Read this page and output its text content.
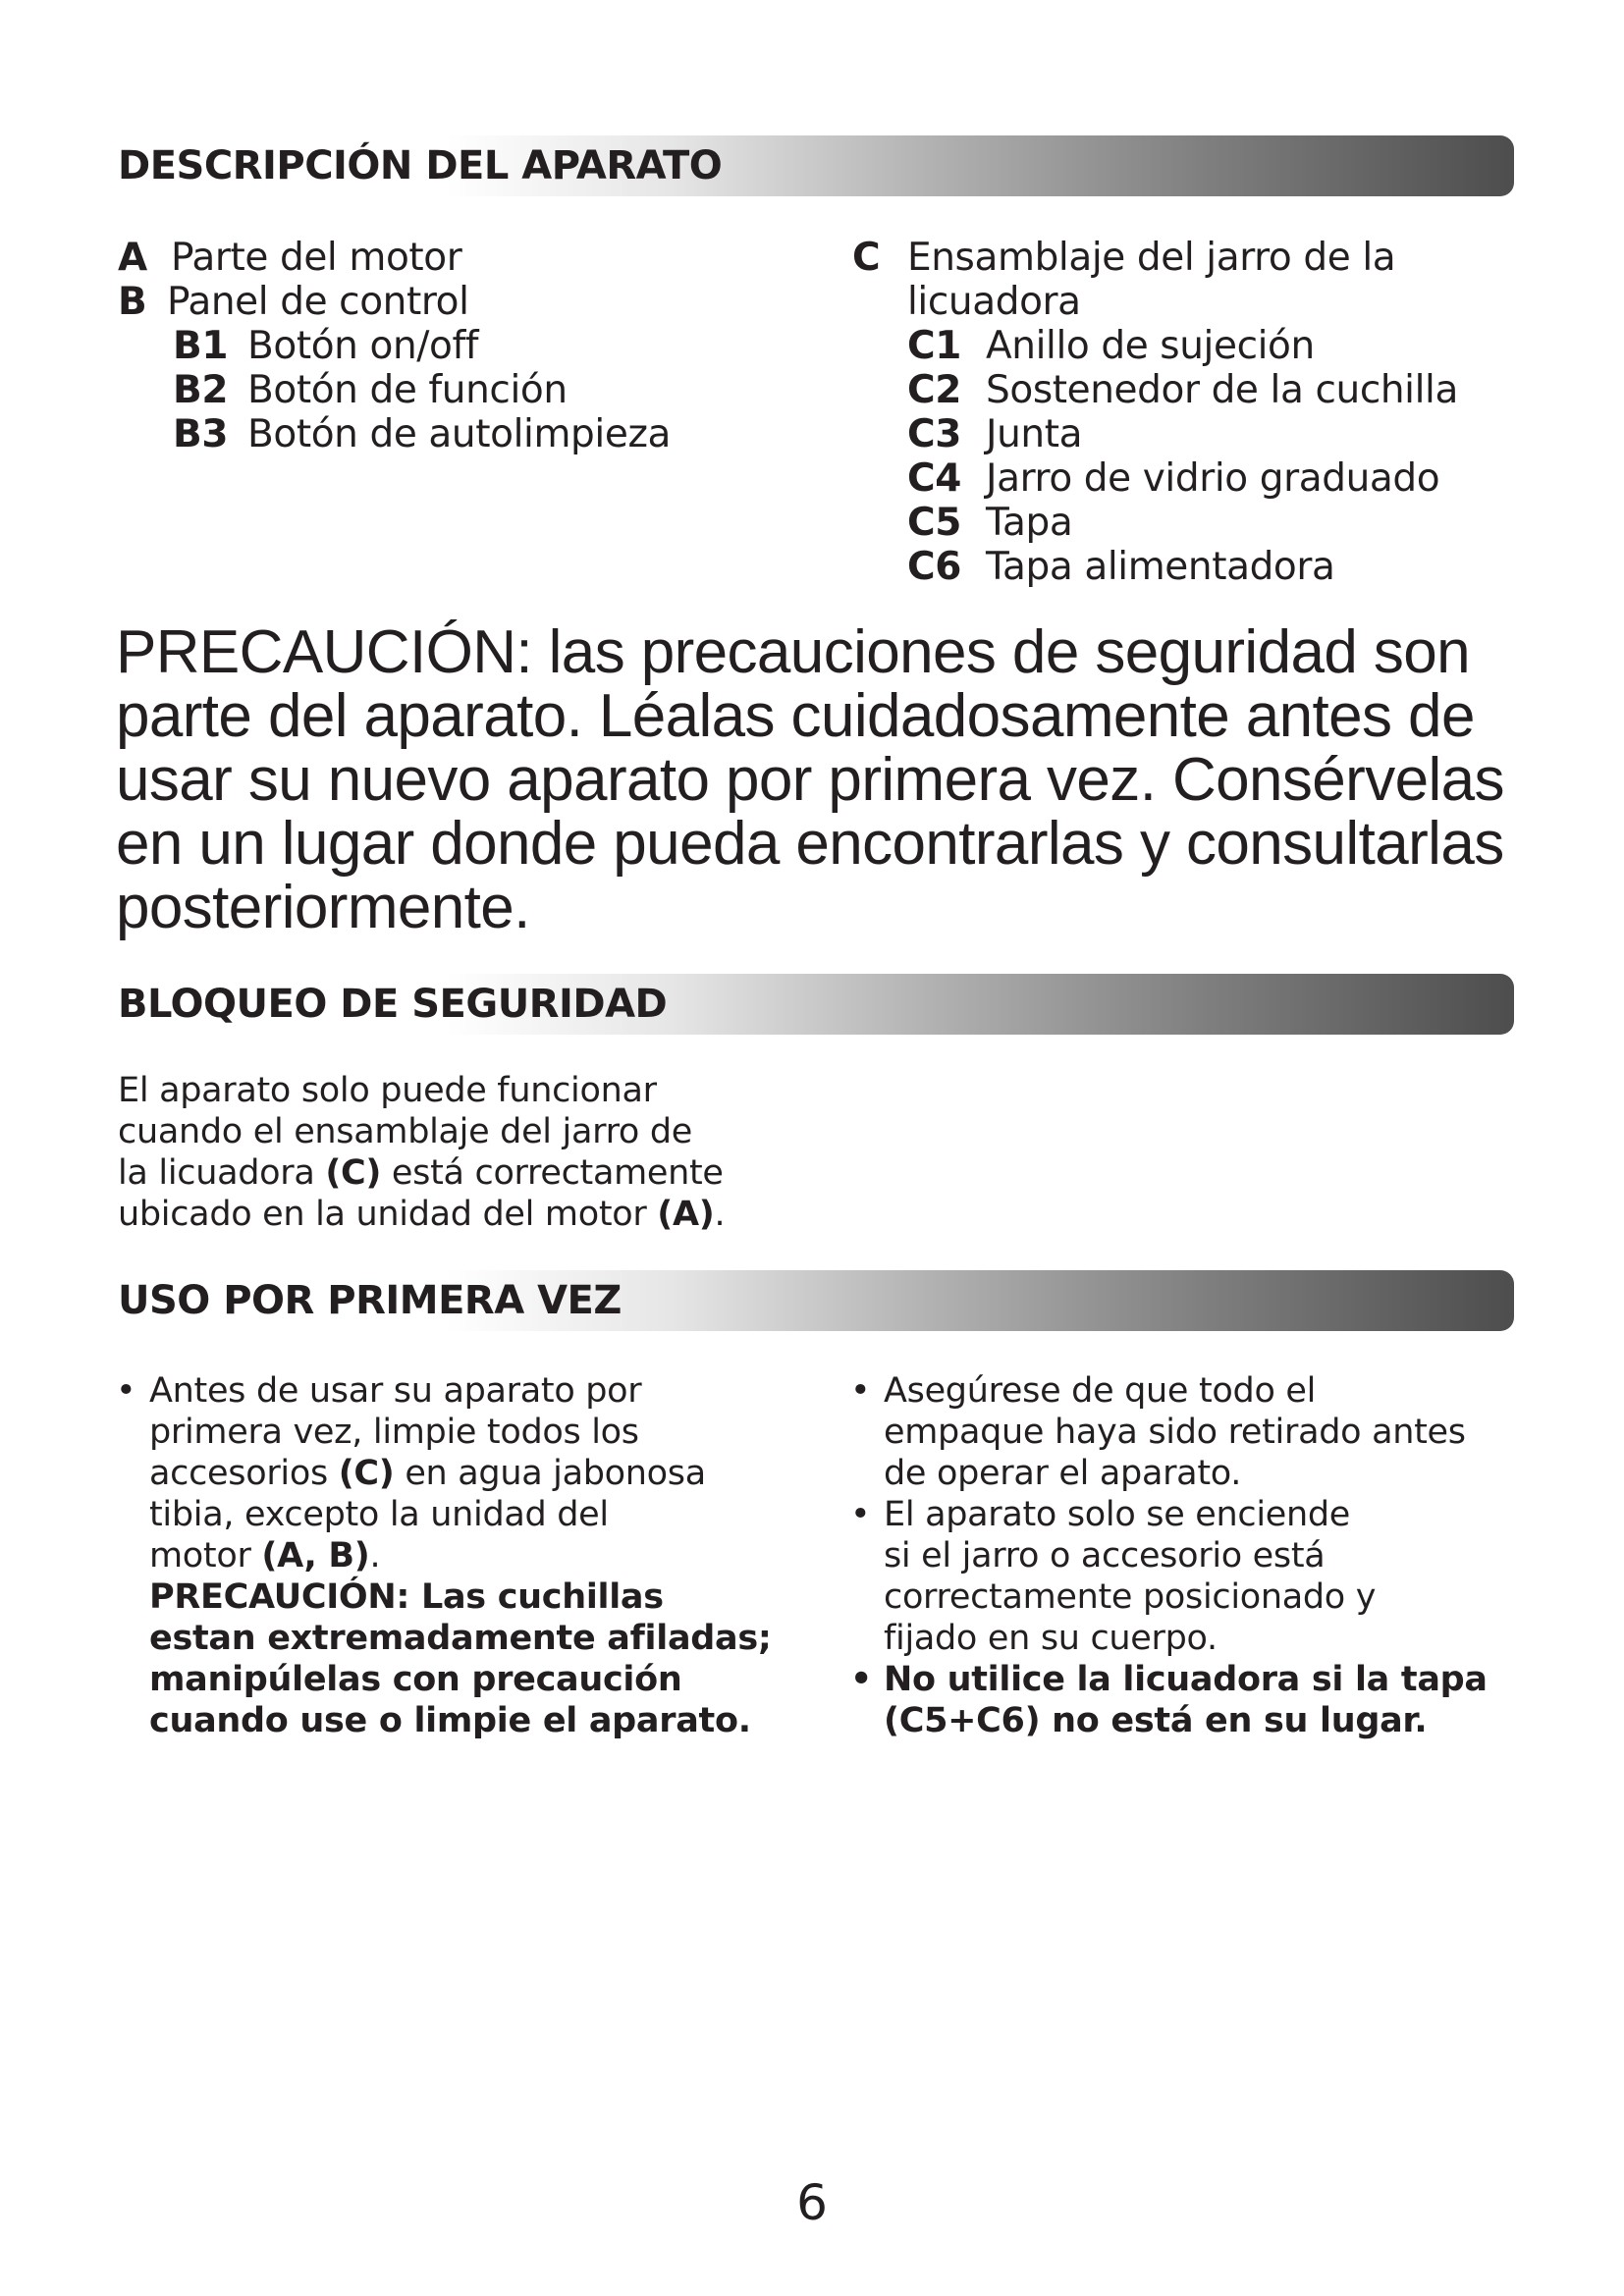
DESCRIPCIÓN DEL APARATO
A Parte del motor
B Panel de control
B1 Botón on/off
B2 Botón de función
B3 Botón de autolimpieza
C Ensamblaje del jarro de la
licuadora
C1 Anillo de sujeción
C2 Sostenedor de la cuchilla
C3 Junta
C4 Jarro de vidrio graduado
C5 Tapa
C6 Tapa alimentadora

PRECAUCIÓN: las precauciones de seguridad son parte del aparato. Léalas cuidadosamente antes de usar su nuevo aparato por primera vez. Consérvelas en un lugar donde pueda encontrarlas y consultarlas posteriormente.

BLOQUEO DE SEGURIDAD
El aparato solo puede funcionar
cuando el ensamblaje del jarro de
la licuadora (C) está correctamente
ubicado en la unidad del motor (A).
USO POR PRIMERA VEZ
• Antes de usar su aparato por
primera vez, limpie todos los
accesorios (C) en agua jabonosa
tibia, excepto la unidad del
motor (A, B).
PRECAUCIÓN: Las cuchillas
estan extremadamente afiladas;
manipúlelas con precaución
cuando use o limpie el aparato.
• Asegúrese de que todo el
empaque haya sido retirado antes
de operar el aparato.
• El aparato solo se enciende
si el jarro o accesorio está
correctamente posicionado y
fijado en su cuerpo.
• No utilice la licuadora si la tapa
(C5+C6) no está en su lugar.
6
